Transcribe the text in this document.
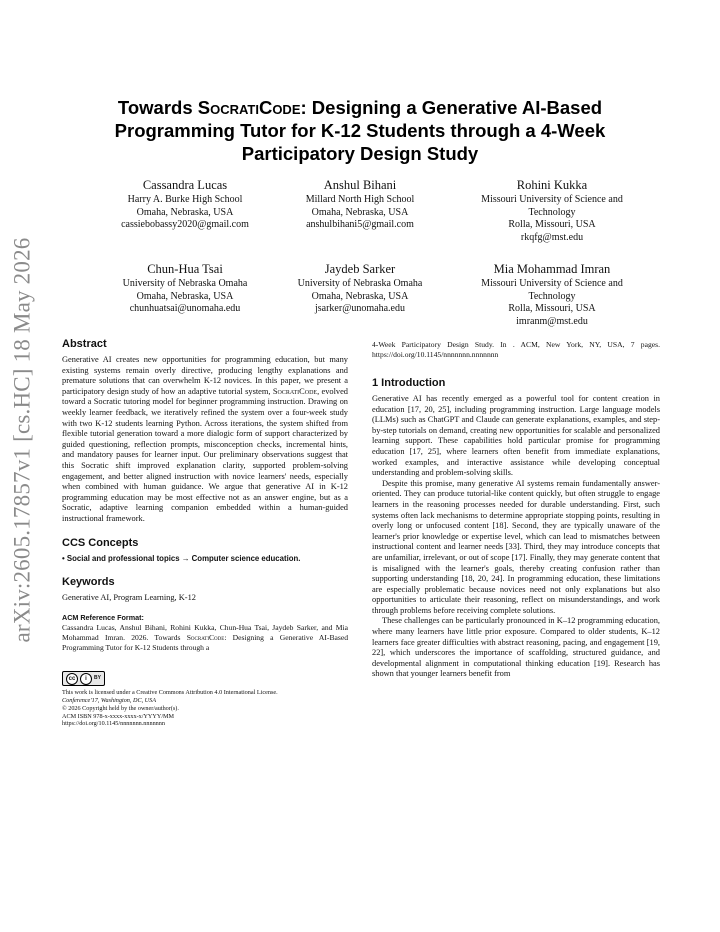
arXiv:2605.17857v1 [cs.HC] 18 May 2026
Towards SocratiCode: Designing a Generative AI-Based Programming Tutor for K-12 Students through a 4-Week Participatory Design Study
Cassandra Lucas
Harry A. Burke High School
Omaha, Nebraska, USA
cassiebobassy2020@gmail.com
Anshul Bihani
Millard North High School
Omaha, Nebraska, USA
anshulbihani5@gmail.com
Rohini Kukka
Missouri University of Science and
Technology
Rolla, Missouri, USA
rkqfg@mst.edu
Chun-Hua Tsai
University of Nebraska Omaha
Omaha, Nebraska, USA
chunhuatsai@unomaha.edu
Jaydeb Sarker
University of Nebraska Omaha
Omaha, Nebraska, USA
jsarker@unomaha.edu
Mia Mohammad Imran
Missouri University of Science and
Technology
Rolla, Missouri, USA
imranm@mst.edu
Abstract

Generative AI creates new opportunities for programming education, but many existing systems remain overly directive, producing lengthy explanations and premature solutions that can overwhelm K-12 novices. In this paper, we present a participatory design study of how an adaptive tutorial system, SocratiCode, evolved toward a Socratic tutoring model for beginner programming instruction. Drawing on weekly learner feedback, we iteratively refined the system over a four-week study with two K-12 students learning Python. Across iterations, the system shifted from flexible tutorial generation toward a more dialogic form of support characterized by guided questioning, reflection prompts, misconception checks, incremental hints, and mandatory pauses for learner input. Our preliminary observations suggest that this Socratic shift improved explanation clarity, supported problem-solving engagement, and better aligned instruction with novice learners' needs, especially when combined with human guidance. We argue that generative AI in K-12 programming education may be most effective not as an answer engine, but as a Socratic, adaptive learning companion embedded within a human-guided instructional framework.

CCS Concepts

• Social and professional topics → Computer science education.

Keywords

Generative AI, Program Learning, K-12

ACM Reference Format:

Cassandra Lucas, Anshul Bihani, Rohini Kukka, Chun-Hua Tsai, Jaydeb Sarker, and Mia Mohammad Imran. 2026. Towards SocratiCode: Designing a Generative AI-Based Programming Tutor for K-12 Students through a

cc	i	BY
This work is licensed under a Creative Commons Attribution 4.0 International License.
Conference'17, Washington, DC, USA
© 2026 Copyright held by the owner/author(s).
ACM ISBN 978-x-xxxx-xxxx-x/YYYY/MM
https://doi.org/10.1145/nnnnnnn.nnnnnnn

4-Week Participatory Design Study. In . ACM, New York, NY, USA, 7 pages. https://doi.org/10.1145/nnnnnnn.nnnnnnn

1 Introduction

Generative AI has recently emerged as a powerful tool for content creation in education [17, 20, 25], including programming instruction. Large language models (LLMs) such as ChatGPT and Claude can generate explanations, examples, and step-by-step tutorials on demand, creating new opportunities for scalable and personalized learning support. These capabilities hold particular promise for programming education [17, 25], where learners often benefit from immediate explanations, worked examples, and interactive assistance while developing conceptual understanding and problem-solving skills.

Despite this promise, many generative AI systems remain fundamentally answer-oriented. They can produce tutorial-like content quickly, but often struggle to engage learners in the reasoning processes needed for durable understanding. First, such systems often lack mechanisms to determine appropriate stopping points, resulting in overly long or unfocused content [18]. Second, they are typically unaware of the learner's prior knowledge or expertise level, which can lead to mismatches between instructional content and learner needs [33]. Third, they may introduce concepts that are unfamiliar, irrelevant, or out of scope [17]. Finally, they may generate content that is misaligned with the learner's goals, thereby creating confusion rather than supporting understanding [18, 20, 24]. In programming education, these limitations are especially problematic because novices need not only explanations but also opportunities to articulate their reasoning, reflect on misunderstandings, and work through problems before receiving complete solutions.

These challenges can be particularly pronounced in K–12 programming education, where many learners have little prior exposure. Compared to older students, K–12 learners face greater difficulties with abstract reasoning, pacing, and engagement [19, 22], which underscores the importance of scaffolding, structured guidance, and developmental alignment in computational thinking education [19]. Research has shown that younger learners benefit from
